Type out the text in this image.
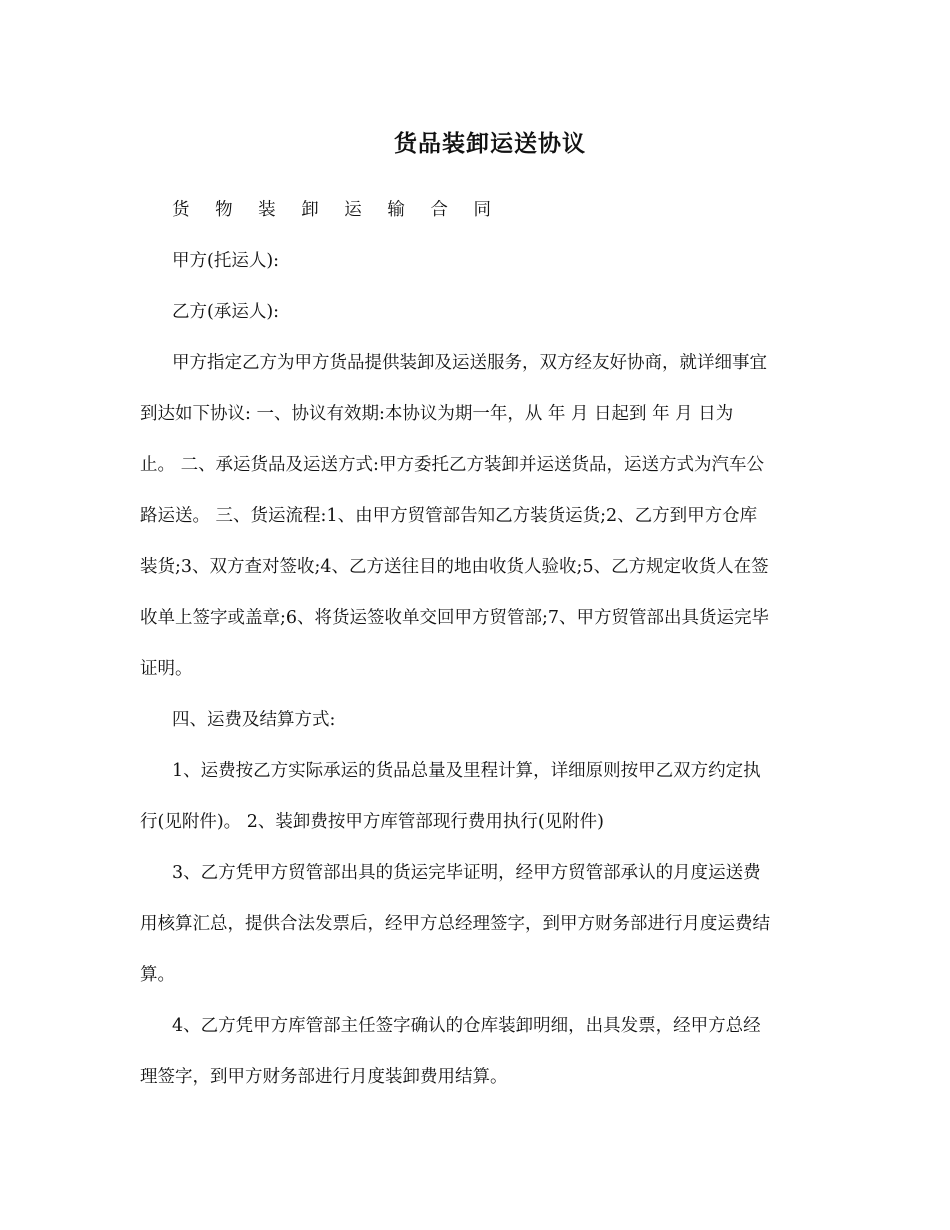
货品装卸运送协议

货 物 装 卸 运 输 合 同

甲方(托运人):

乙方(承运人):

甲方指定乙方为甲方货品提供装卸及运送服务，双方经友好协商，就详细事宜
到达如下协议: 一、协议有效期:本协议为期一年，从 年 月 日起到 年 月 日为
止。 二、承运货品及运送方式:甲方委托乙方装卸并运送货品，运送方式为汽车公
路运送。 三、货运流程:1、由甲方贸管部告知乙方装货运货;2、乙方到甲方仓库
装货;3、双方查对签收;4、乙方送往目的地由收货人验收;5、乙方规定收货人在签
收单上签字或盖章;6、将货运签收单交回甲方贸管部;7、甲方贸管部出具货运完毕
证明。

四、运费及结算方式:

1、运费按乙方实际承运的货品总量及里程计算，详细原则按甲乙双方约定执
行(见附件)。 2、装卸费按甲方库管部现行费用执行(见附件)
3、乙方凭甲方贸管部出具的货运完毕证明，经甲方贸管部承认的月度运送费
用核算汇总，提供合法发票后，经甲方总经理签字，到甲方财务部进行月度运费结
算。
4、乙方凭甲方库管部主任签字确认的仓库装卸明细，出具发票，经甲方总经
理签字，到甲方财务部进行月度装卸费用结算。
